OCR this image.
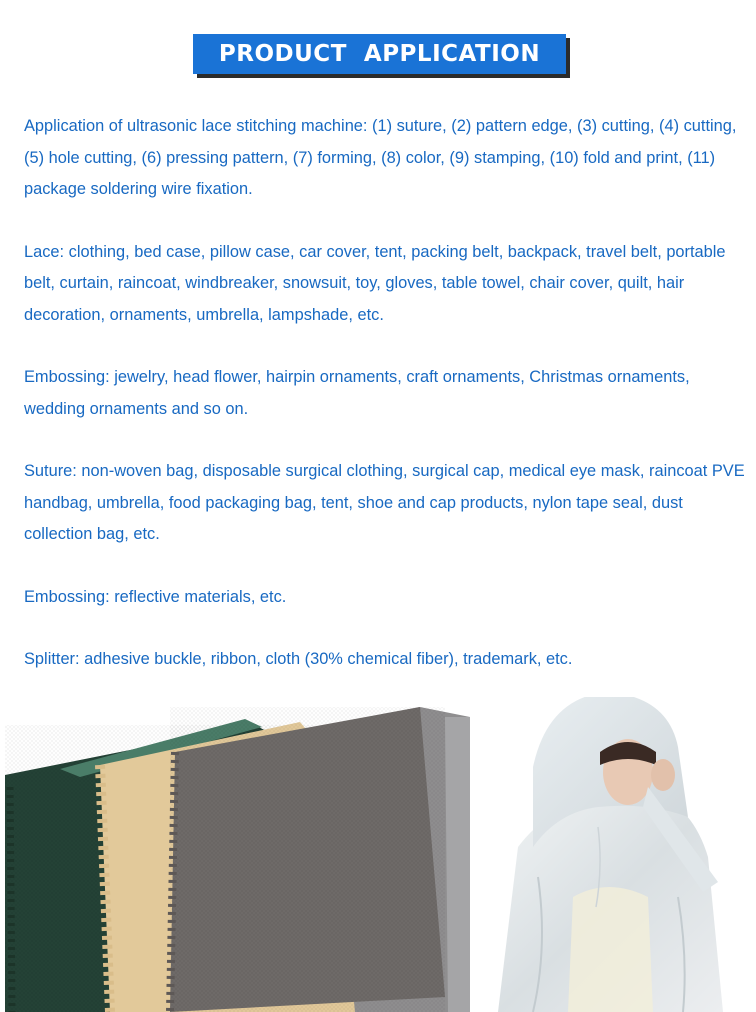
PRODUCT  APPLICATION

Application of ultrasonic lace stitching machine: (1) suture, (2) pattern edge, (3) cutting, (4) cutting, (5) hole cutting, (6) pressing pattern, (7) forming, (8) color, (9) stamping, (10) fold and print, (11) package soldering wire fixation.

Lace: clothing, bed case, pillow case, car cover, tent, packing belt, backpack, travel belt, portable belt, curtain, raincoat, windbreaker, snowsuit, toy, gloves, table towel, chair cover, quilt, hair decoration, ornaments, umbrella, lampshade, etc.

Embossing: jewelry, head flower, hairpin ornaments, craft ornaments, Christmas ornaments, wedding ornaments and so on.

Suture: non-woven bag, disposable surgical clothing, surgical cap, medical eye mask, raincoat PVE handbag, umbrella, food packaging bag, tent, shoe and cap products, nylon tape seal, dust collection bag, etc.

Embossing: reflective materials, etc.

Splitter: adhesive buckle, ribbon, cloth (30% chemical fiber), trademark, etc.
